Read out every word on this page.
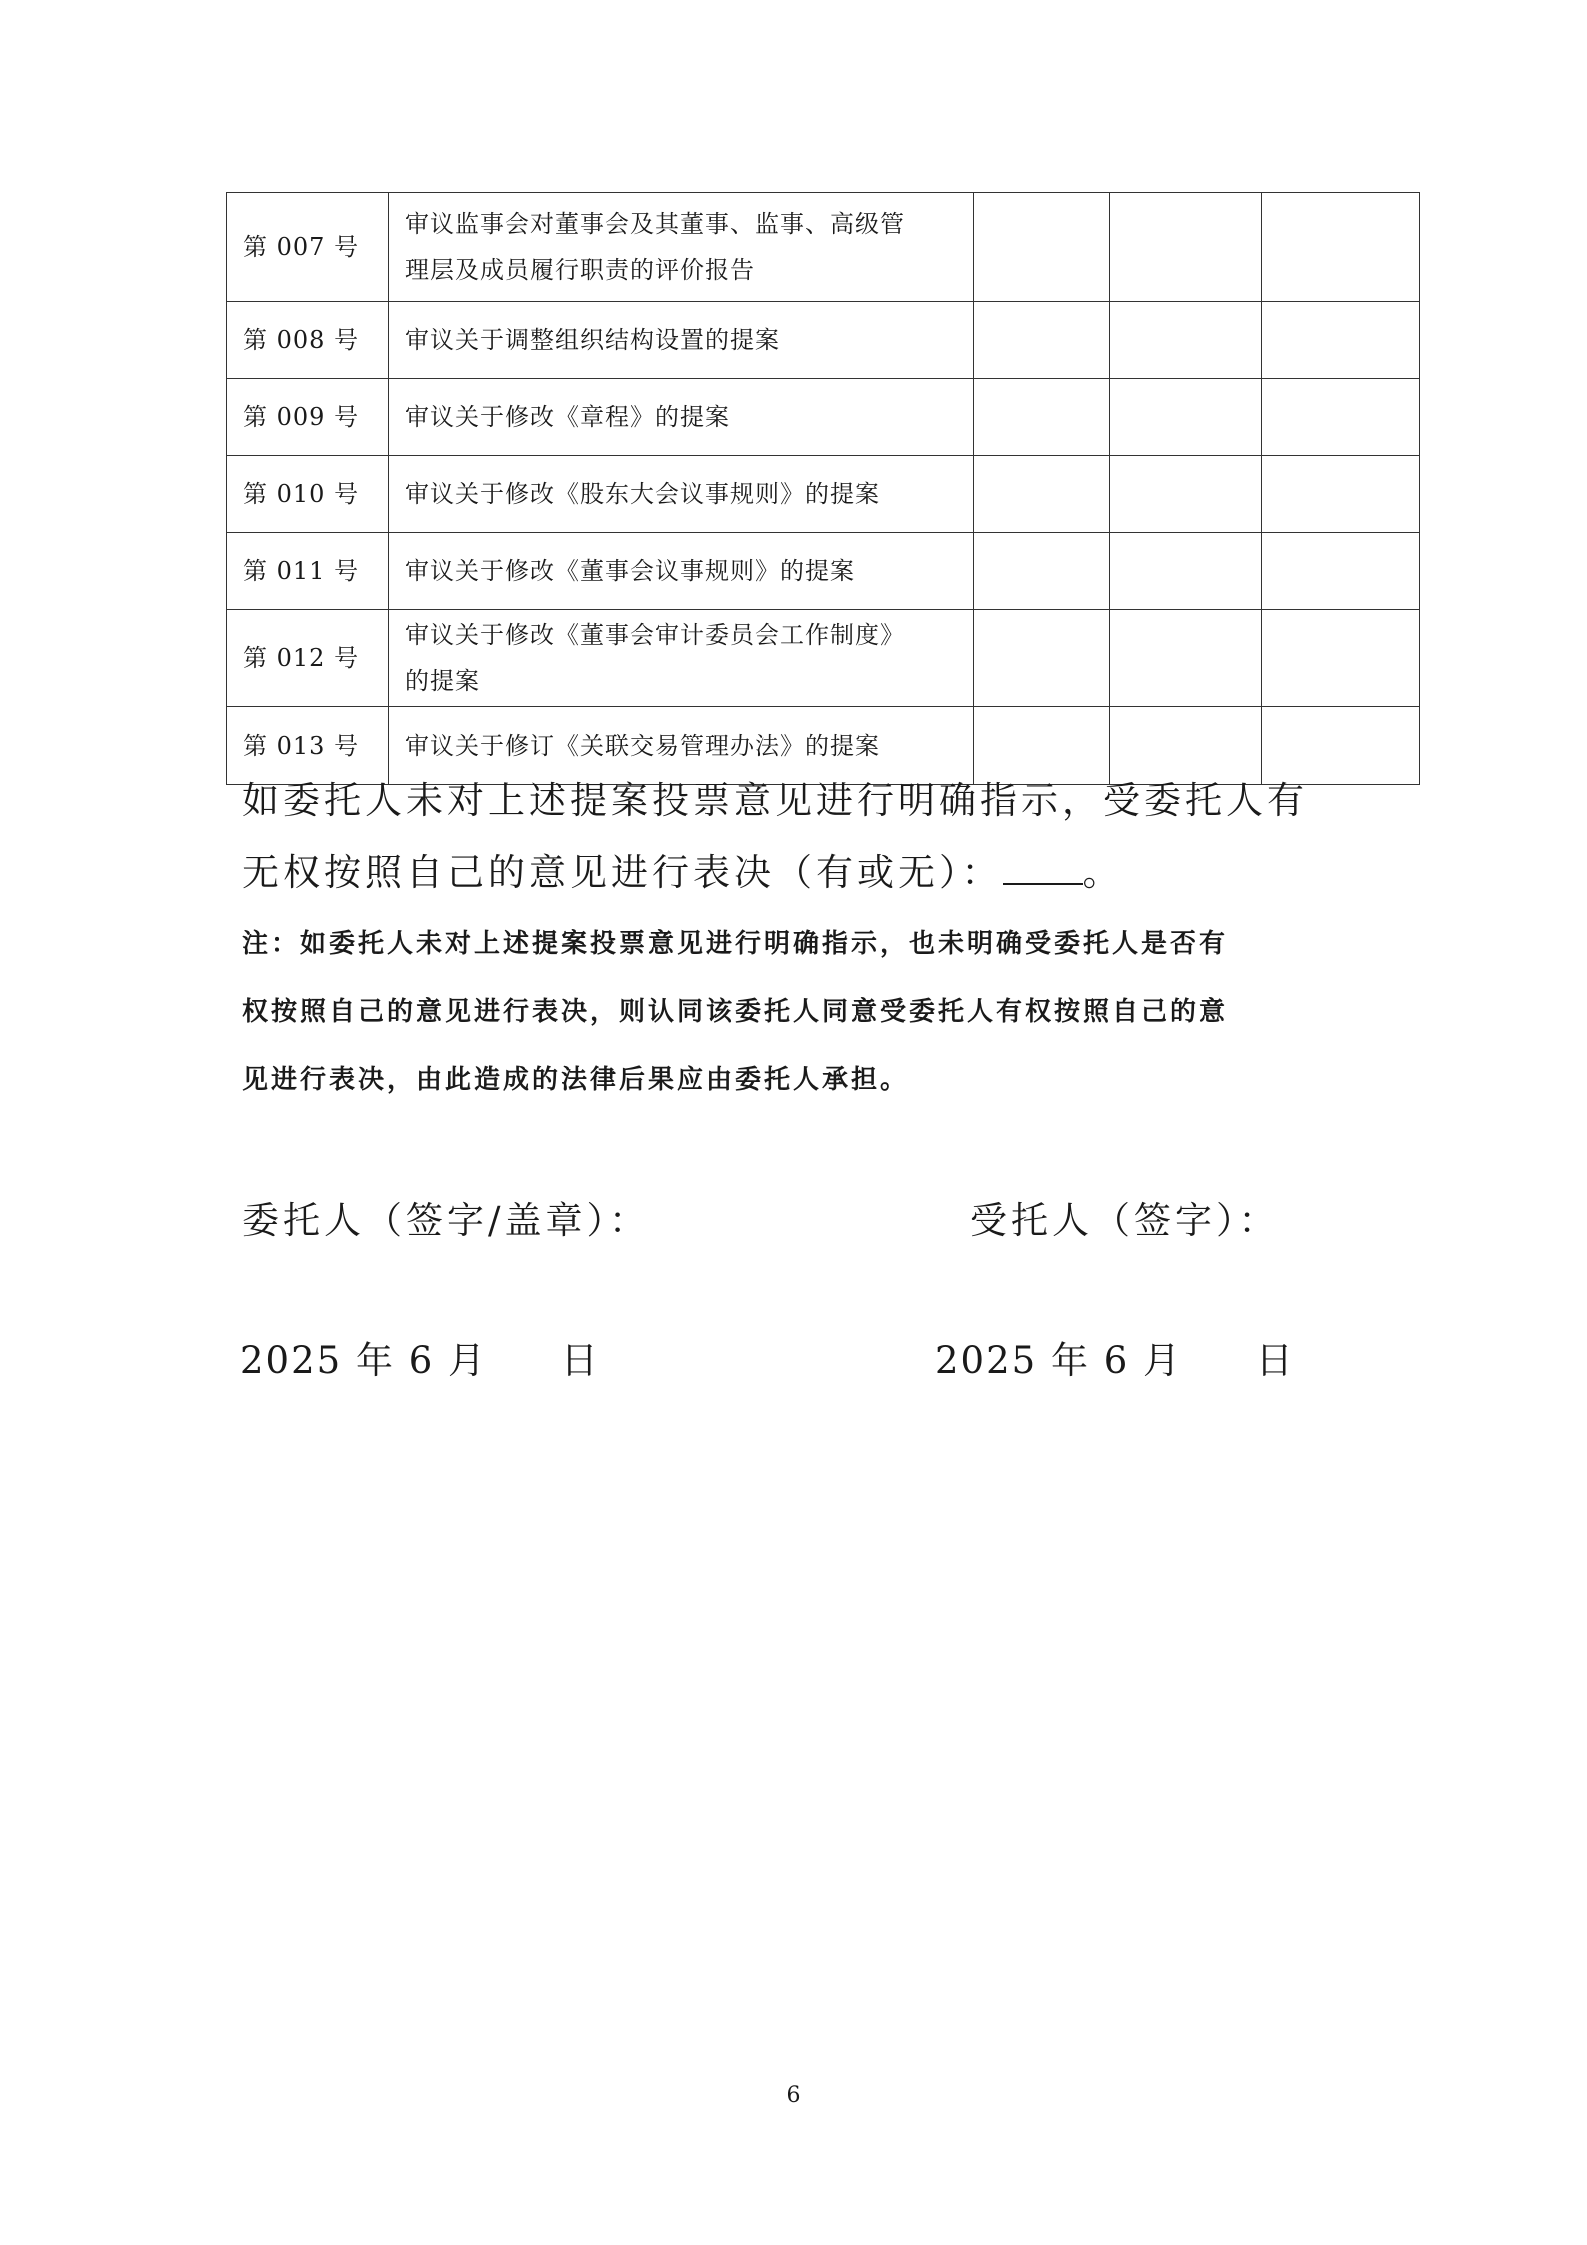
第 007 号	审议监事会对董事会及其董事、监事、高级管
理层及成员履行职责的评价报告			

第 008 号	审议关于调整组织结构设置的提案			

第 009 号	审议关于修改《章程》的提案			

第 010 号	审议关于修改《股东大会议事规则》的提案			

第 011 号	审议关于修改《董事会议事规则》的提案			

第 012 号	审议关于修改《董事会审计委员会工作制度》
的提案			

第 013 号	审议关于修订《关联交易管理办法》的提案			

如委托人未对上述提案投票意见进行明确指示，受委托人有
无权按照自己的意见进行表决（有或无）： 。
注：如委托人未对上述提案投票意见进行明确指示，也未明确受委托人是否有
权按照自己的意见进行表决，则认同该委托人同意受委托人有权按照自己的意
见进行表决，由此造成的法律后果应由委托人承担。
委托人（签字/盖章）：	受托人（签字）：
2025 年 6 月 日	2025 年 6 月 日
6
